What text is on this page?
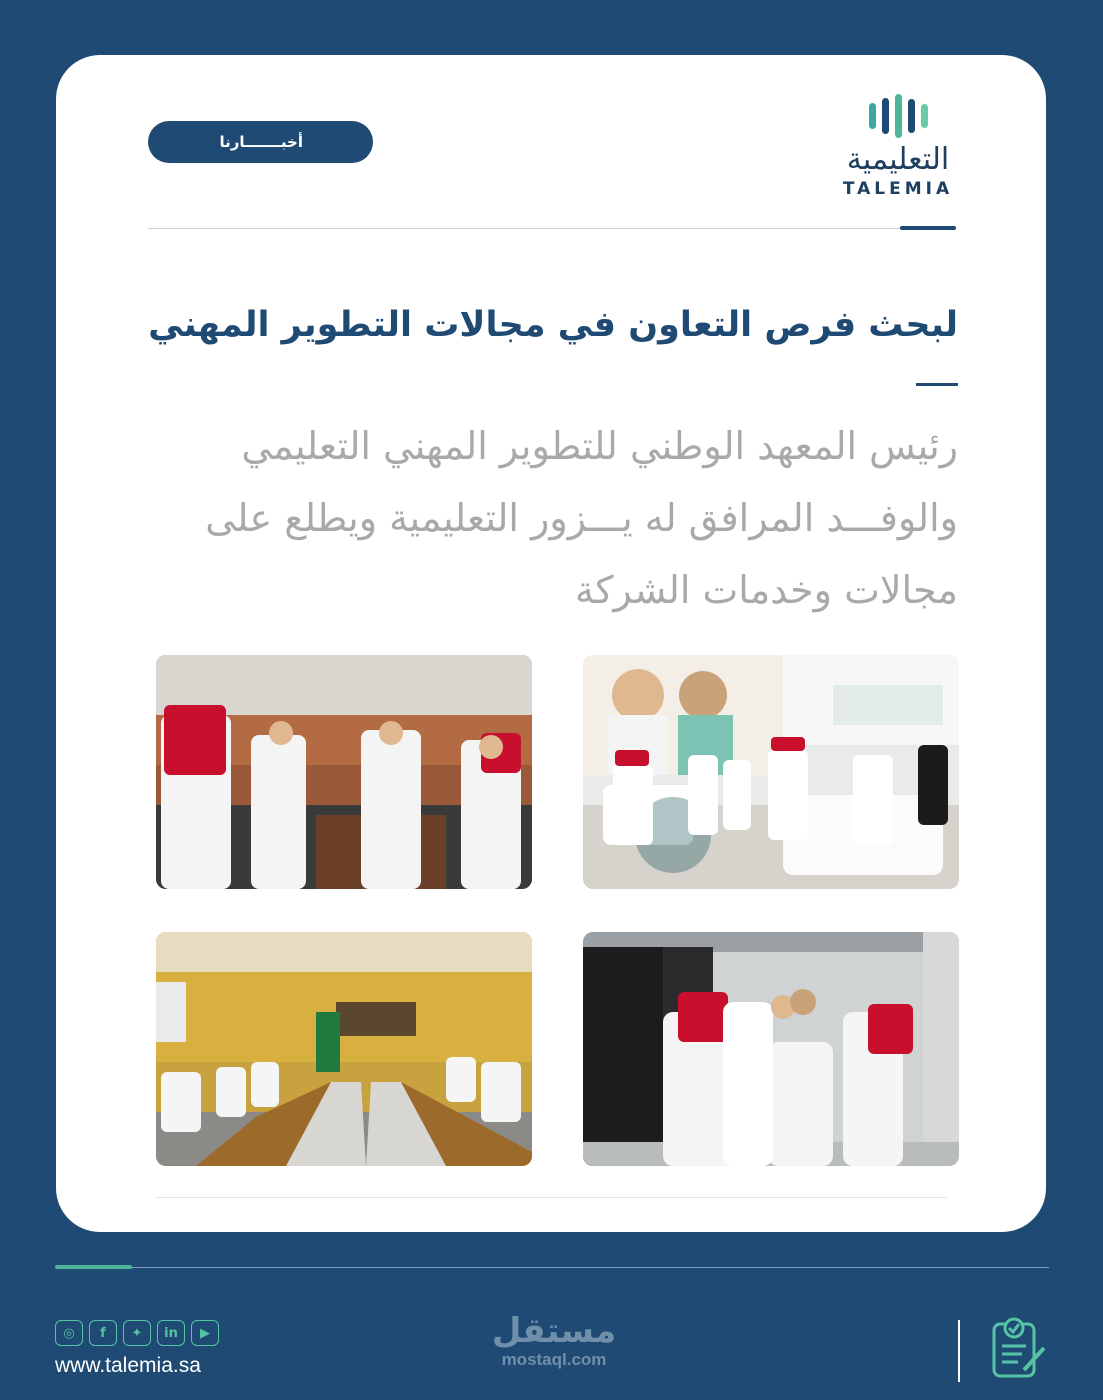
التعليمية
TALEMIA
أخبـــــــارنا
لبحث فرص التعاون في مجالات التطوير المهني

رئيس المعهد الوطني للتطوير المهني التعليمي والوفـــد المرافق له يـــزور التعليمية ويطلع على مجالات وخدمات الشركة

◎	f	✦	in	▶
www.talemia.sa
مستقل
mostaql.com
